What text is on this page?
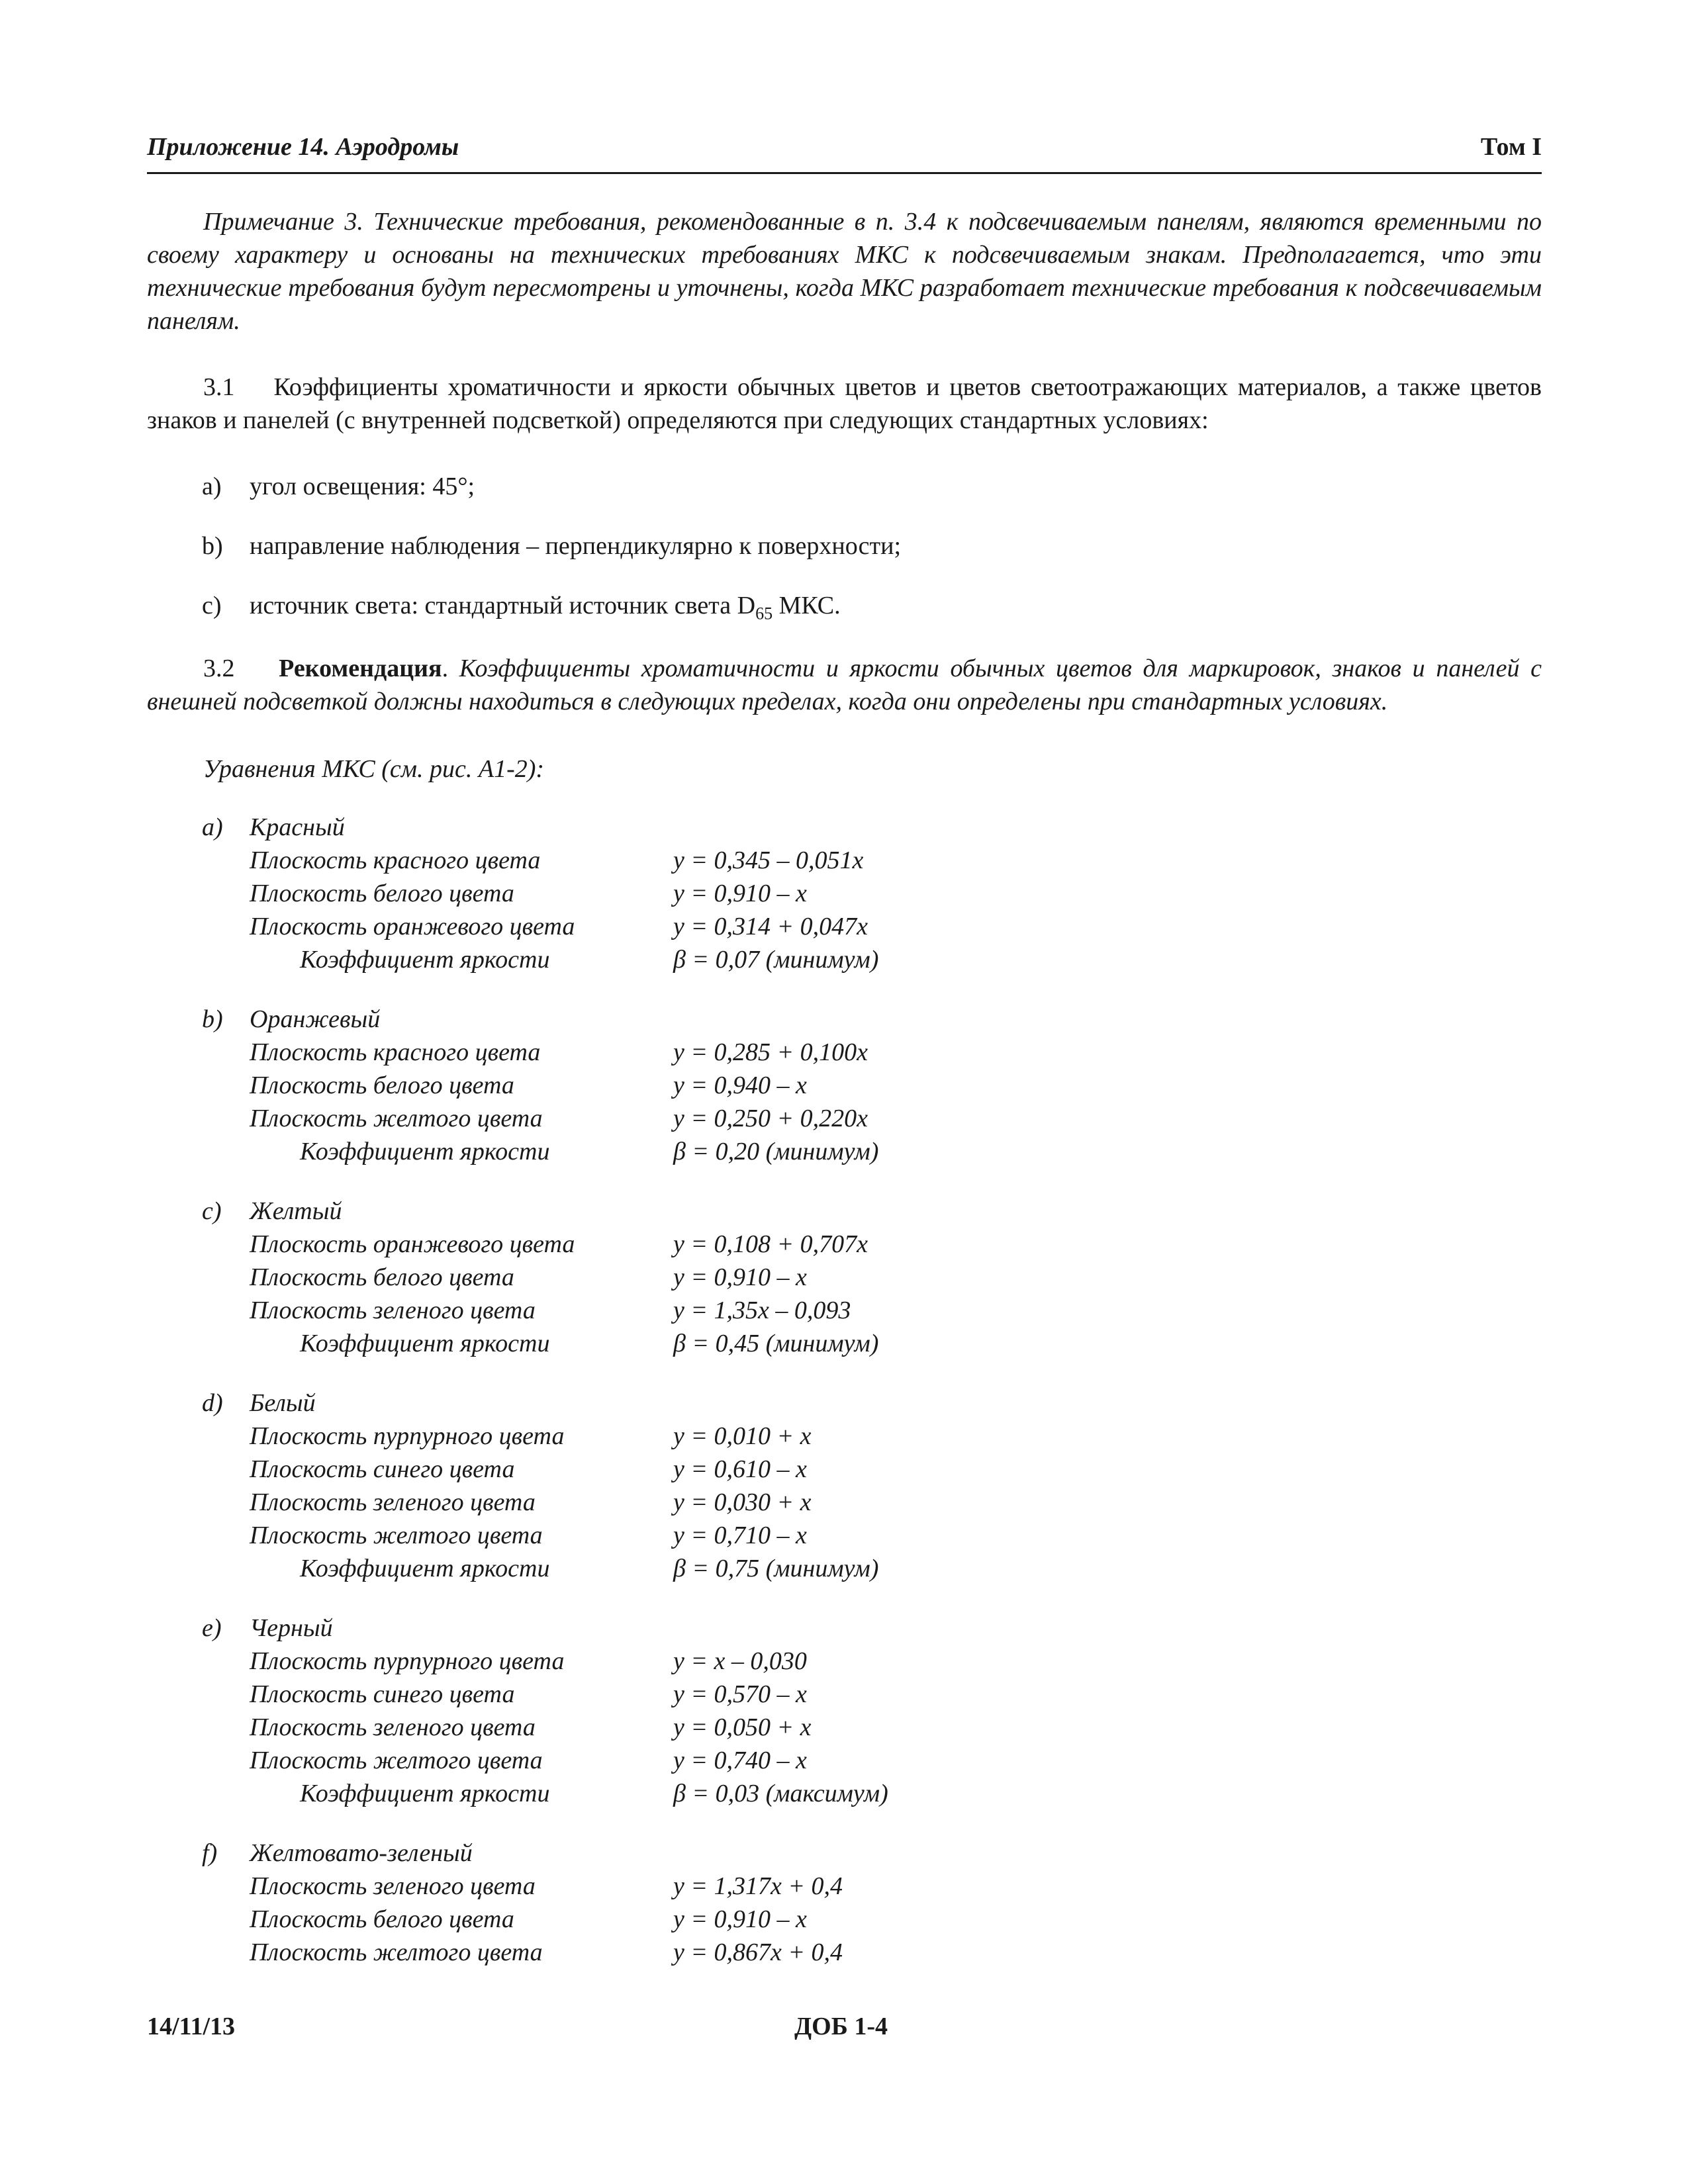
Приложение 14. Аэродромы	Том I
Примечание 3. Технические требования, рекомендованные в п. 3.4 к подсвечиваемым панелям, являются временными по своему характеру и основаны на технических требованиях МКС к подсвечиваемым знакам. Предполагается, что эти технические требования будут пересмотрены и уточнены, когда МКС разработает технические требования к подсвечиваемым панелям.
3.1 Коэффициенты хроматичности и яркости обычных цветов и цветов светоотражающих материалов, а также цветов знаков и панелей (с внутренней подсветкой) определяются при следующих стандартных условиях:
a) угол освещения: 45°;
b) направление наблюдения – перпендикулярно к поверхности;
c) источник света: стандартный источник света $D_{65}$ МКС.
3.2 Рекомендация. Коэффициенты хроматичности и яркости обычных цветов для маркировок, знаков и панелей с внешней подсветкой должны находиться в следующих пределах, когда они определены при стандартных условиях.
Уравнения МКС (см. рис. А1-2):
a) Красный
Плоскость красного цвета	y = 0,345 – 0,051x
Плоскость белого цвета	y = 0,910 – x
Плоскость оранжевого цвета	y = 0,314 + 0,047x
Коэффициент яркости	β = 0,07 (минимум)
b) Оранжевый
Плоскость красного цвета	y = 0,285 + 0,100x
Плоскость белого цвета	y = 0,940 – x
Плоскость желтого цвета	y = 0,250 + 0,220x
Коэффициент яркости	β = 0,20 (минимум)
c) Желтый
Плоскость оранжевого цвета	y = 0,108 + 0,707x
Плоскость белого цвета	y = 0,910 – x
Плоскость зеленого цвета	y = 1,35x – 0,093
Коэффициент яркости	β = 0,45 (минимум)
d) Белый
Плоскость пурпурного цвета	y = 0,010 + x
Плоскость синего цвета	y = 0,610 – x
Плоскость зеленого цвета	y = 0,030 + x
Плоскость желтого цвета	y = 0,710 – x
Коэффициент яркости	β = 0,75 (минимум)
e) Черный
Плоскость пурпурного цвета	y = x – 0,030
Плоскость синего цвета	y = 0,570 – x
Плоскость зеленого цвета	y = 0,050 + x
Плоскость желтого цвета	y = 0,740 – x
Коэффициент яркости	β = 0,03 (максимум)
f) Желтовато-зеленый
Плоскость зеленого цвета	y = 1,317x + 0,4
Плоскость белого цвета	y = 0,910 – x
Плоскость желтого цвета	y = 0,867x + 0,4
14/11/13	ДОБ 1-4
